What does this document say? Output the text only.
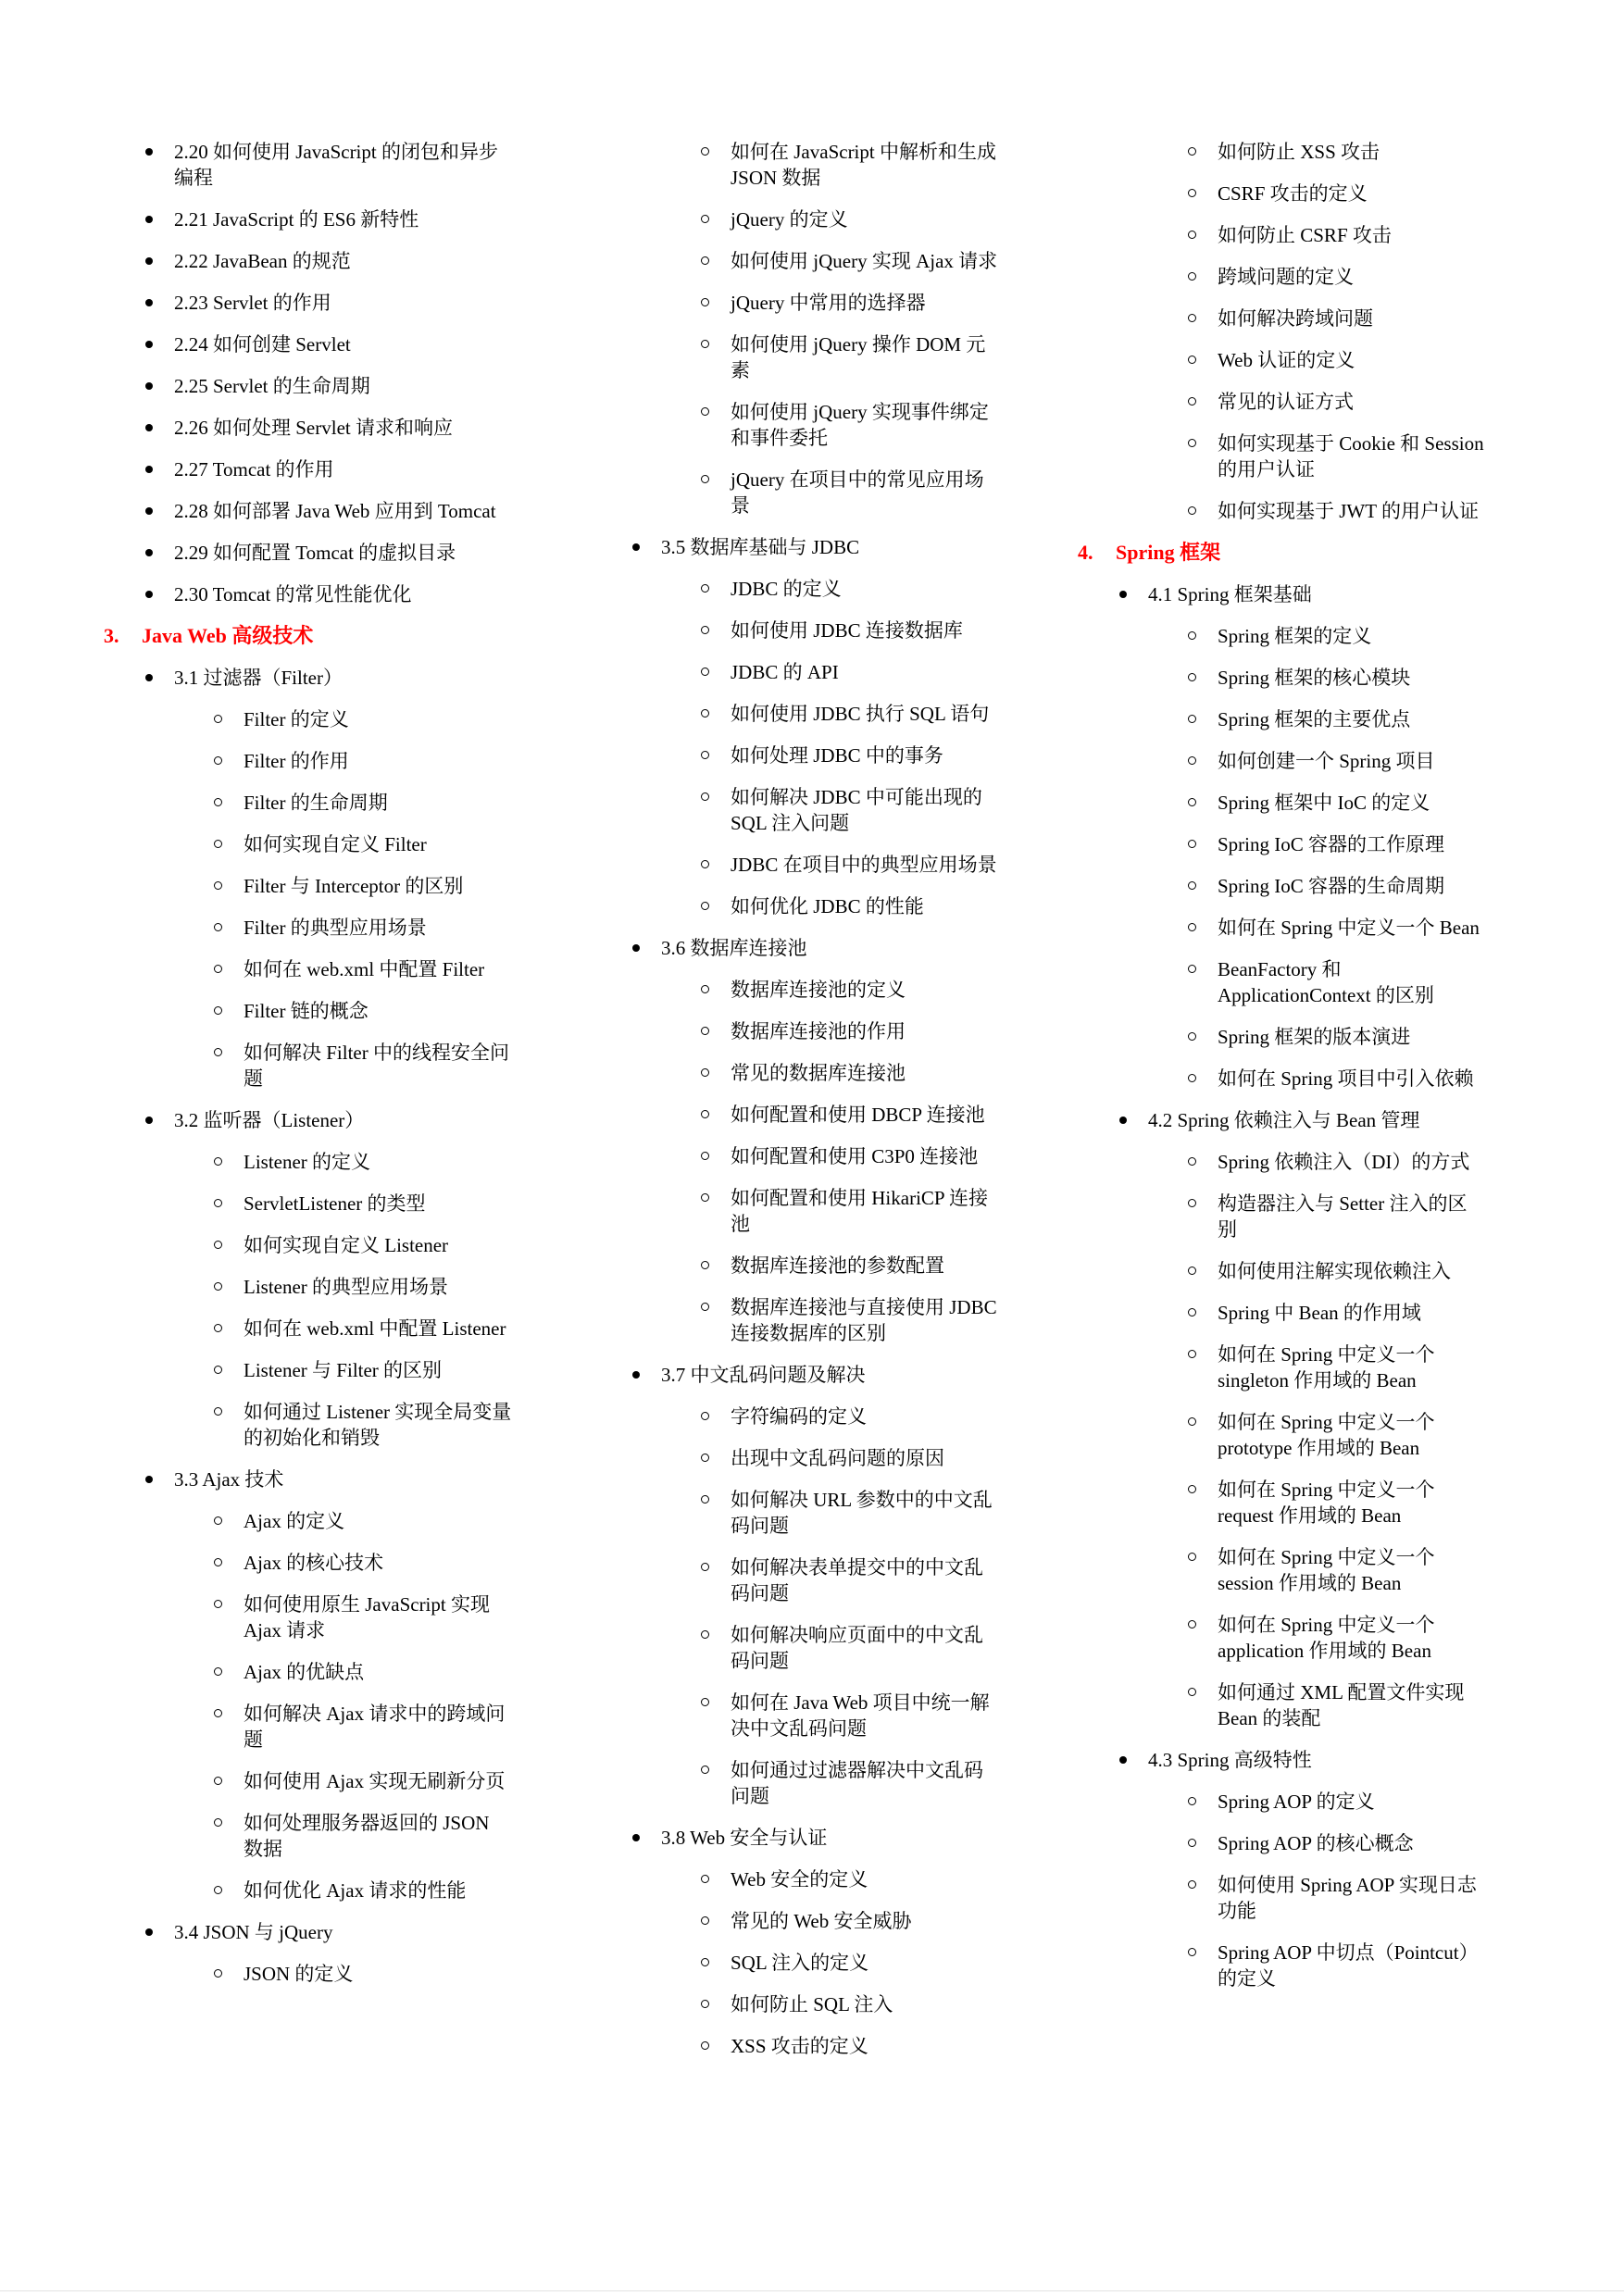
2.20 如何使用 JavaScript 的闭包和异步编程
2.21 JavaScript 的 ES6 新特性
2.22 JavaBean 的规范
2.23 Servlet 的作用
2.24 如何创建 Servlet
2.25 Servlet 的生命周期
2.26 如何处理 Servlet 请求和响应
2.27 Tomcat 的作用
2.28 如何部署 Java Web 应用到 Tomcat
2.29 如何配置 Tomcat 的虚拟目录
2.30 Tomcat 的常见性能优化
3. Java Web 高级技术
3.1 过滤器（Filter）
Filter 的定义
Filter 的作用
Filter 的生命周期
如何实现自定义 Filter
Filter 与 Interceptor 的区别
Filter 的典型应用场景
如何在 web.xml 中配置 Filter
Filter 链的概念
如何解决 Filter 中的线程安全问题
3.2 监听器（Listener）
Listener 的定义
ServletListener 的类型
如何实现自定义 Listener
Listener 的典型应用场景
如何在 web.xml 中配置 Listener
Listener 与 Filter 的区别
如何通过 Listener 实现全局变量的初始化和销毁
3.3 Ajax 技术
Ajax 的定义
Ajax 的核心技术
如何使用原生 JavaScript 实现 Ajax 请求
Ajax 的优缺点
如何解决 Ajax 请求中的跨域问题
如何使用 Ajax 实现无刷新分页
如何处理服务器返回的 JSON 数据
如何优化 Ajax 请求的性能
3.4 JSON 与 jQuery
JSON 的定义
如何在 JavaScript 中解析和生成 JSON 数据
jQuery 的定义
如何使用 jQuery 实现 Ajax 请求
jQuery 中常用的选择器
如何使用 jQuery 操作 DOM 元素
如何使用 jQuery 实现事件绑定和事件委托
jQuery 在项目中的常见应用场景
3.5 数据库基础与 JDBC
JDBC 的定义
如何使用 JDBC 连接数据库
JDBC 的 API
如何使用 JDBC 执行 SQL 语句
如何处理 JDBC 中的事务
如何解决 JDBC 中可能出现的 SQL 注入问题
JDBC 在项目中的典型应用场景
如何优化 JDBC 的性能
3.6 数据库连接池
数据库连接池的定义
数据库连接池的作用
常见的数据库连接池
如何配置和使用 DBCP 连接池
如何配置和使用 C3P0 连接池
如何配置和使用 HikariCP 连接池
数据库连接池的参数配置
数据库连接池与直接使用 JDBC 连接数据库的区别
3.7 中文乱码问题及解决
字符编码的定义
出现中文乱码问题的原因
如何解决 URL 参数中的中文乱码问题
如何解决表单提交中的中文乱码问题
如何解决响应页面中的中文乱码问题
如何在 Java Web 项目中统一解决中文乱码问题
如何通过过滤器解决中文乱码问题
3.8 Web 安全与认证
Web 安全的定义
常见的 Web 安全威胁
SQL 注入的定义
如何防止 SQL 注入
XSS 攻击的定义
如何防止 XSS 攻击
CSRF 攻击的定义
如何防止 CSRF 攻击
跨域问题的定义
如何解决跨域问题
Web 认证的定义
常见的认证方式
如何实现基于 Cookie 和 Session 的用户认证
如何实现基于 JWT 的用户认证
4. Spring 框架
4.1 Spring 框架基础
Spring 框架的定义
Spring 框架的核心模块
Spring 框架的主要优点
如何创建一个 Spring 项目
Spring 框架中 IoC 的定义
Spring IoC 容器的工作原理
Spring IoC 容器的生命周期
如何在 Spring 中定义一个 Bean
BeanFactory 和 ApplicationContext 的区别
Spring 框架的版本演进
如何在 Spring 项目中引入依赖
4.2 Spring 依赖注入与 Bean 管理
Spring 依赖注入（DI）的方式
构造器注入与 Setter 注入的区别
如何使用注解实现依赖注入
Spring 中 Bean 的作用域
如何在 Spring 中定义一个 singleton 作用域的 Bean
如何在 Spring 中定义一个 prototype 作用域的 Bean
如何在 Spring 中定义一个 request 作用域的 Bean
如何在 Spring 中定义一个 session 作用域的 Bean
如何在 Spring 中定义一个 application 作用域的 Bean
如何通过 XML 配置文件实现 Bean 的装配
4.3 Spring 高级特性
Spring AOP 的定义
Spring AOP 的核心概念
如何使用 Spring AOP 实现日志功能
Spring AOP 中切点（Pointcut）的定义
